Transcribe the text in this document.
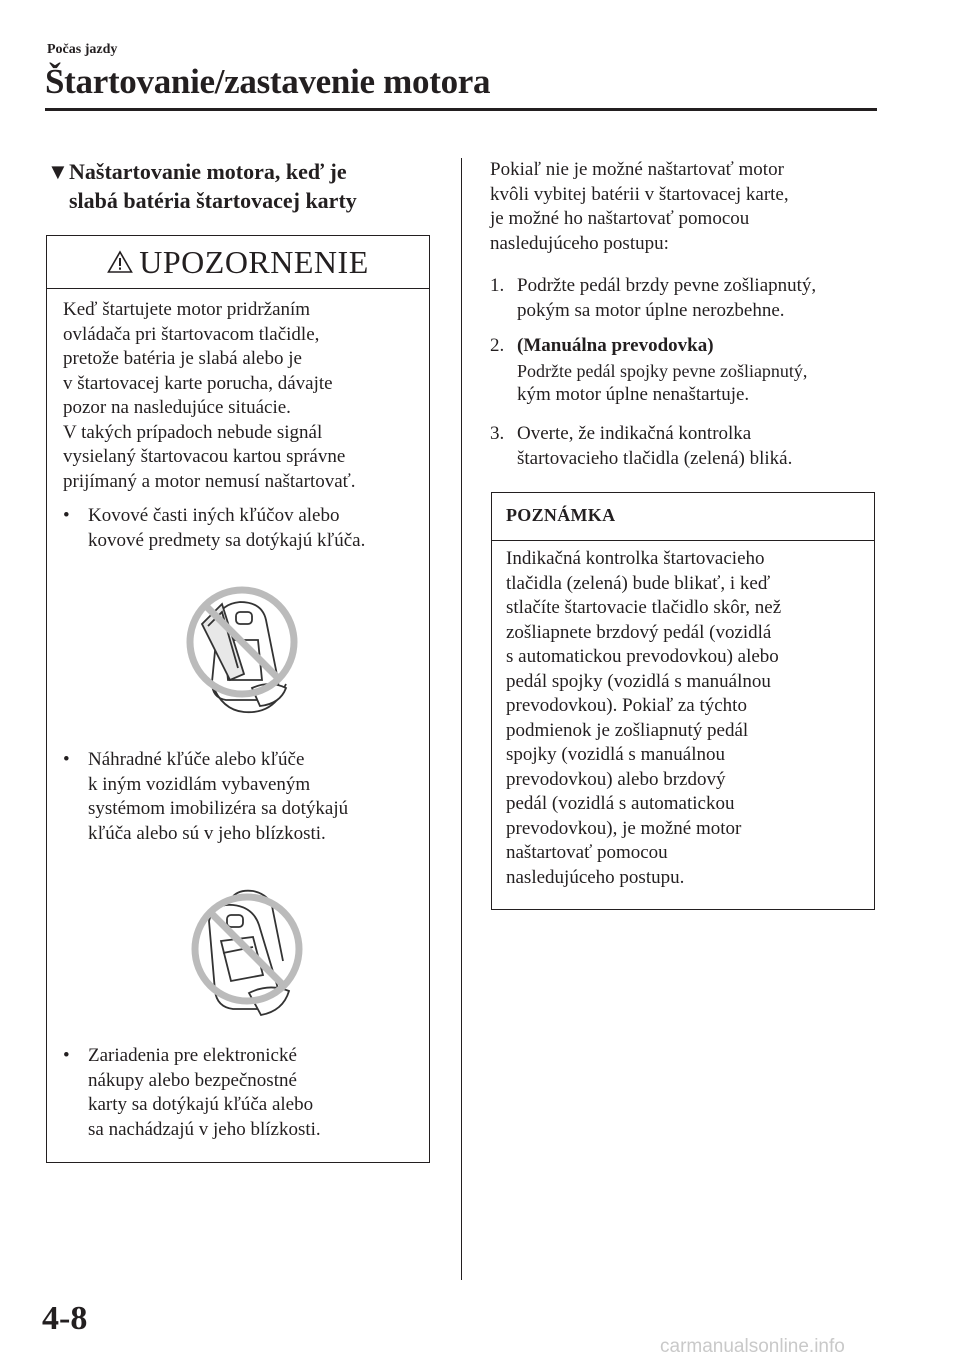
Počas jazdy
Štartovanie/zastavenie motora
▼Naštartovanie motora, keď je
slabá batéria štartovacej karty
UPOZORNENIE
Keď štartujete motor pridržaním
ovládača pri štartovacom tlačidle,
pretože batéria je slabá alebo je
v štartovacej karte porucha, dávajte
pozor na nasledujúce situácie.
V takých prípadoch nebude signál
vysielaný štartovacou kartou správne
prijímaný a motor nemusí naštartovať.
• Kovové časti iných kľúčov alebo
kovové predmety sa dotýkajú kľúča.
• Náhradné kľúče alebo kľúče
k iným vozidlám vybaveným
systémom imobilizéra sa dotýkajú
kľúča alebo sú v jeho blízkosti.
• Zariadenia pre elektronické
nákupy alebo bezpečnostné
karty sa dotýkajú kľúča alebo
sa nachádzajú v jeho blízkosti.
Pokiaľ nie je možné naštartovať motor
kvôli vybitej batérii v štartovacej karte,
je možné ho naštartovať pomocou
nasledujúceho postupu:
1. Podržte pedál brzdy pevne zošliapnutý,
pokým sa motor úplne nerozbehne.
2. (Manuálna prevodovka)
Podržte pedál spojky pevne zošliapnutý,
kým motor úplne nenaštartuje.
3. Overte, že indikačná kontrolka
štartovacieho tlačidla (zelená) bliká.
POZNÁMKA
Indikačná kontrolka štartovacieho
tlačidla (zelená) bude blikať, i keď
stlačíte štartovacie tlačidlo skôr, než
zošliapnete brzdový pedál (vozidlá
s automatickou prevodovkou) alebo
pedál spojky (vozidlá s manuálnou
prevodovkou). Pokiaľ za týchto
podmienok je zošliapnutý pedál
spojky (vozidlá s manuálnou
prevodovkou) alebo brzdový
pedál (vozidlá s automatickou
prevodovkou), je možné motor
naštartovať pomocou
nasledujúceho postupu.
4-8
carmanualsonline.info
